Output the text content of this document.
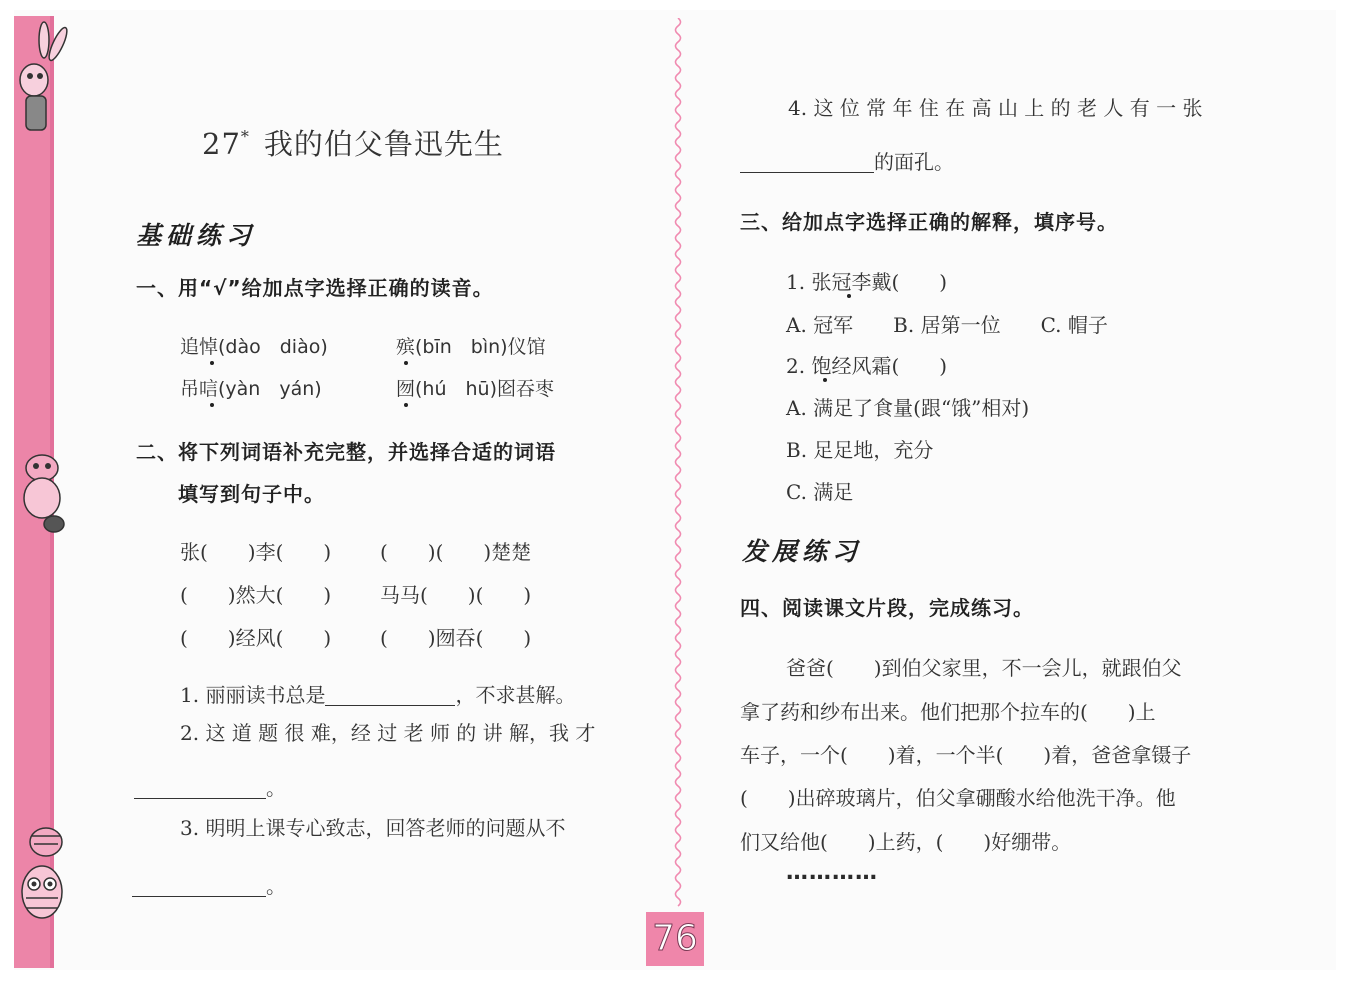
27* 我的伯父鲁迅先生
基础练习
一、用“√”给加点字选择正确的读音。
追悼(dào　diào)	殡(bīn　bìn)仪馆
吊唁(yàn　yán)	囫(hú　hū)囵吞枣
二、将下列词语补充完整，并选择合适的词语
填写到句子中。
张(　　)李(　　) (　　)(　　)楚楚
(　　)然大(　　) 马马(　　)(　　)
(　　)经风(　　) (　　)囫吞(　　)
1. 丽丽读书总是	，不求甚解。
2. 这 道 题 很 难，经 过 老 师 的 讲 解，我 才
。
3. 明明上课专心致志，回答老师的问题从不
。
4. 这 位 常 年 住 在 高 山 上 的 老 人 有 一 张
的面孔。
三、给加点字选择正确的解释，填序号。
1. 张冠李戴(　　)
A. 冠军　　B. 居第一位　　C. 帽子
2. 饱经风霜(　　)
A. 满足了食量(跟“饿”相对)
B. 足足地，充分
C. 满足
发展练习
四、阅读课文片段，完成练习。
爸爸(　　)到伯父家里，不一会儿，就跟伯父
拿了药和纱布出来。他们把那个拉车的(　　)上
车子，一个(　　)着，一个半(　　)着，爸爸拿镊子
(　　)出碎玻璃片，伯父拿硼酸水给他洗干净。他
们又给他(　　)上药，(　　)好绷带。
…………
76
